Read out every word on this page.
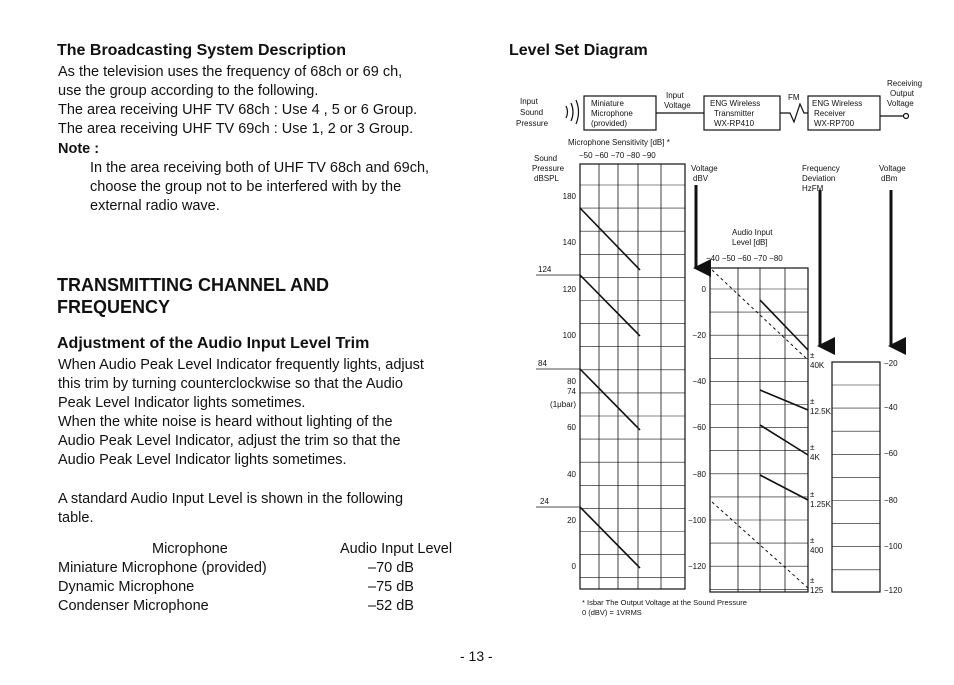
The Broadcasting System Description
As the television uses the frequency of 68ch or 69 ch,
use the group according to the following.
The area receiving UHF TV 68ch : Use 4 , 5 or 6 Group.
The area receiving UHF TV 69ch : Use 1, 2 or 3 Group.
Note :
In the area receiving both of UHF TV 68ch and 69ch,
choose the group not to be interfered with by the
external radio wave.
TRANSMITTING CHANNEL AND
FREQUENCY
Adjustment of the Audio Input Level Trim
When Audio Peak Level Indicator frequently lights, adjust
this trim by turning counterclockwise so that the Audio
Peak Level Indicator lights sometimes.
When the white noise is heard without lighting of the
Audio Peak Level Indicator, adjust the trim so that the
Audio Peak Level Indicator lights sometimes.
A standard Audio Input Level is shown in the following
table.
Microphone	Audio Input Level
Miniature Microphone (provided)	–70 dB
Dynamic Microphone	–75 dB
Condenser Microphone	–52 dB
Level Set Diagram
Input
Sound
Pressure
Miniature
Microphone
(provided)
Input
Voltage ENG Wireless
Transmitter
WX-RP410
FM
ENG Wireless
Receiver
WX-RP700
Receiving
Output
Voltage
Microphone Sensitivity [dB] *
−50 −60 −70 −80 −90
Sound
Pressure
dBSPL
Voltage
dBV
Frequency
Deviation
HzFM
Voltage
dBm
Audio Input
Level [dB]
−40 −50 −60 −70 −80
180
140
120
100
80
74
(1μbar)
60
40
20
0
124
84
24
0
−20
−40
−60
−80
−100
−120
±
40K
±
12.5K
±
4K
±
1.25K
±
400
±
125
−20
−40
−60
−80
−100
−120
* Isbar The Output Voltage at the Sound Pressure
0 (dBV) = 1VRMS
- 13 -
